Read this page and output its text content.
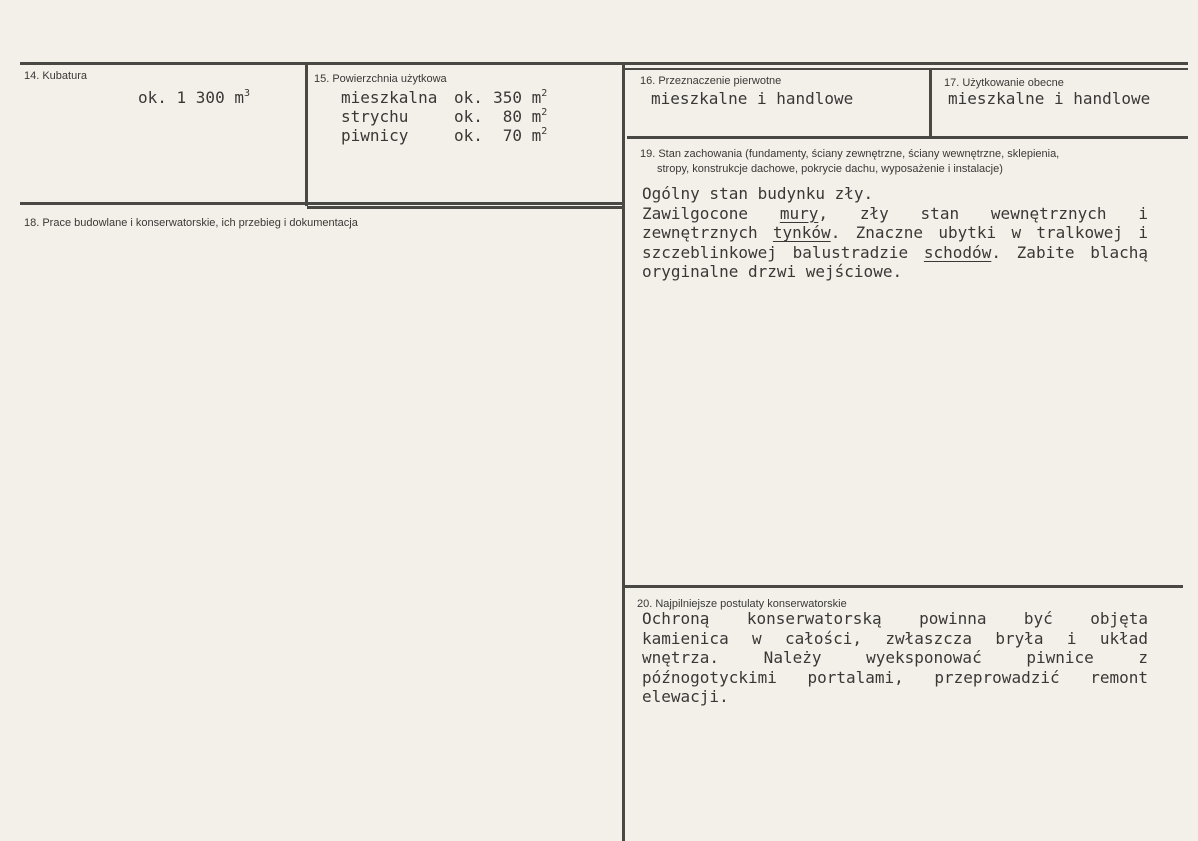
14. Kubatura
ok. 1 300 $m^3$
15. Powierzchnia użytkowa
mieszkalna ok. 350 $m^2$
strychu	ok. 80 $m^2$
piwnicy	ok. 70 $m^2$
16. Przeznaczenie pierwotne
mieszkalne i handlowe
17. Użytkowanie obecne
mieszkalne i handlowe
18. Prace budowlane i konserwatorskie, ich przebieg i dokumentacja
19. Stan zachowania (fundamenty, ściany zewnętrzne, ściany wewnętrzne, sklepienia,
stropy, konstrukcje dachowe, pokrycie dachu, wyposażenie i instalacje)
Ogólny stan budynku zły.
Zawilgocone mury, zły stan wewnętrznych i
zewnętrznych tynków. Znaczne ubytki w tralkowej i
szczeblinkowej balustradzie schodów. Zabite blachą
oryginalne drzwi wejściowe.
20. Najpilniejsze postulaty konserwatorskie
Ochroną konserwatorską powinna być objęta
kamienica w całości, zwłaszcza bryła i układ
wnętrza. Należy wyeksponować piwnice z
późnogotyckimi portalami, przeprowadzić remont
elewacji.
